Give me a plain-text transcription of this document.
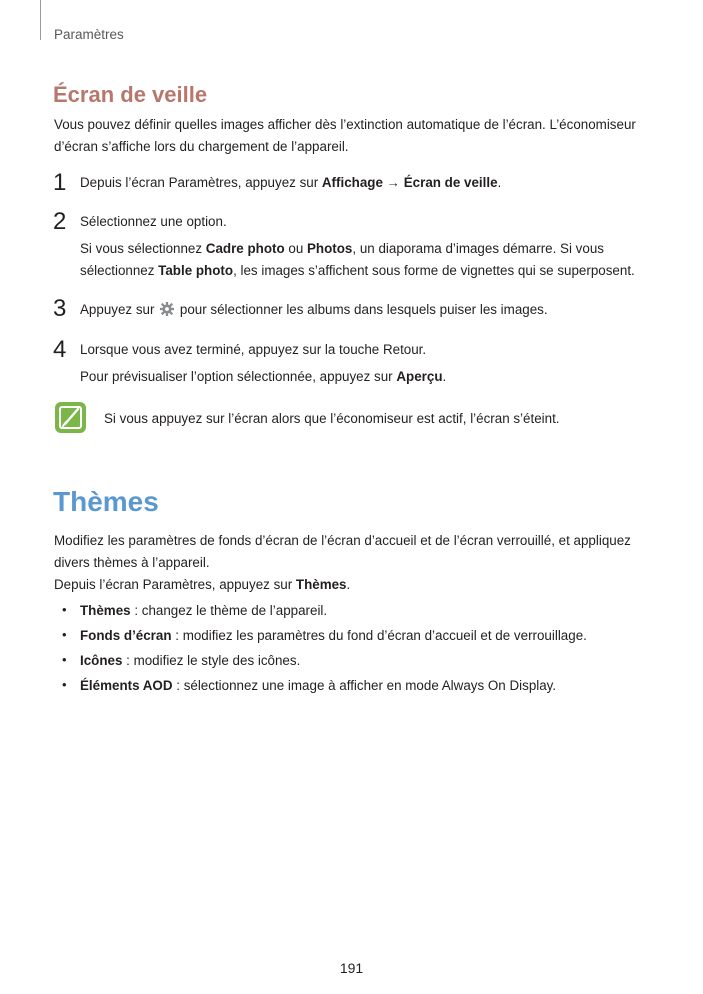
Paramètres
Écran de veille
Vous pouvez définir quelles images afficher dès l’extinction automatique de l’écran. L’économiseur d’écran s’affiche lors du chargement de l’appareil.
1 Depuis l’écran Paramètres, appuyez sur Affichage → Écran de veille.
2 Sélectionnez une option.
Si vous sélectionnez Cadre photo ou Photos, un diaporama d’images démarre. Si vous sélectionnez Table photo, les images s’affichent sous forme de vignettes qui se superposent.
3 Appuyez sur  pour sélectionner les albums dans lesquels puiser les images.
4 Lorsque vous avez terminé, appuyez sur la touche Retour.
Pour prévisualiser l’option sélectionnée, appuyez sur Aperçu.
Si vous appuyez sur l’écran alors que l’économiseur est actif, l’écran s’éteint.
Thèmes
Modifiez les paramètres de fonds d’écran de l’écran d’accueil et de l’écran verrouillé, et appliquez divers thèmes à l’appareil.
Depuis l’écran Paramètres, appuyez sur Thèmes.
• Thèmes : changez le thème de l’appareil.
• Fonds d’écran : modifiez les paramètres du fond d’écran d’accueil et de verrouillage.
• Icônes : modifiez le style des icônes.
• Éléments AOD : sélectionnez une image à afficher en mode Always On Display.
191
